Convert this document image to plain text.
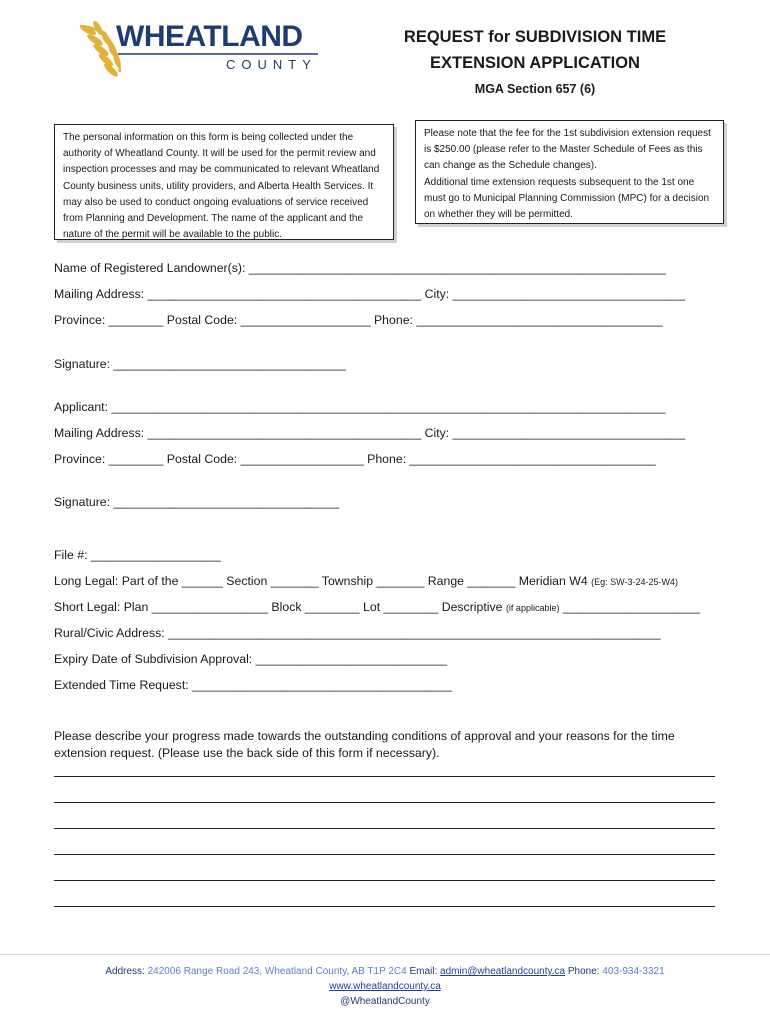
WHEATLAND
COUNTY
REQUEST for SUBDIVISION TIME
EXTENSION APPLICATION
MGA Section 657 (6)
The personal information on this form is being collected under the authority of Wheatland County. It will be used for the permit review and inspection processes and may be communicated to relevant Wheatland County business units, utility providers, and Alberta Health Services. It may also be used to conduct ongoing evaluations of service received from Planning and Development. The name of the applicant and the nature of the permit will be available to the public.
Please note that the fee for the 1st subdivision extension request is $250.00 (please refer to the Master Schedule of Fees as this can change as the Schedule changes).
Additional time extension requests subsequent to the 1st one must go to Municipal Planning Commission (MPC) for a decision on whether they will be permitted.
Name of Registered Landowner(s): _____________________________________________________________
Mailing Address: ________________________________________ City: __________________________________
Province: ________ Postal Code: ___________________ Phone: ____________________________________
Signature: __________________________________
Applicant: _________________________________________________________________________________
Mailing Address: ________________________________________ City: __________________________________
Province: ________ Postal Code: __________________ Phone: ____________________________________
Signature: _________________________________
File #: ___________________
Long Legal: Part of the ______ Section _______ Township _______ Range _______ Meridian W4 (Eg: SW-3-24-25-W4)
Short Legal: Plan _________________ Block ________ Lot ________ Descriptive (if applicable) ____________________
Rural/Civic Address: ________________________________________________________________________
Expiry Date of Subdivision Approval: ____________________________
Extended Time Request: ______________________________________
Please describe your progress made towards the outstanding conditions of approval and your reasons for the time extension request. (Please use the back side of this form if necessary).
Address: 242006 Range Road 243, Wheatland County, AB T1P 2C4 Email: admin@wheatlandcounty.ca Phone: 403-934-3321
www.wheatlandcounty.ca
@WheatlandCounty
